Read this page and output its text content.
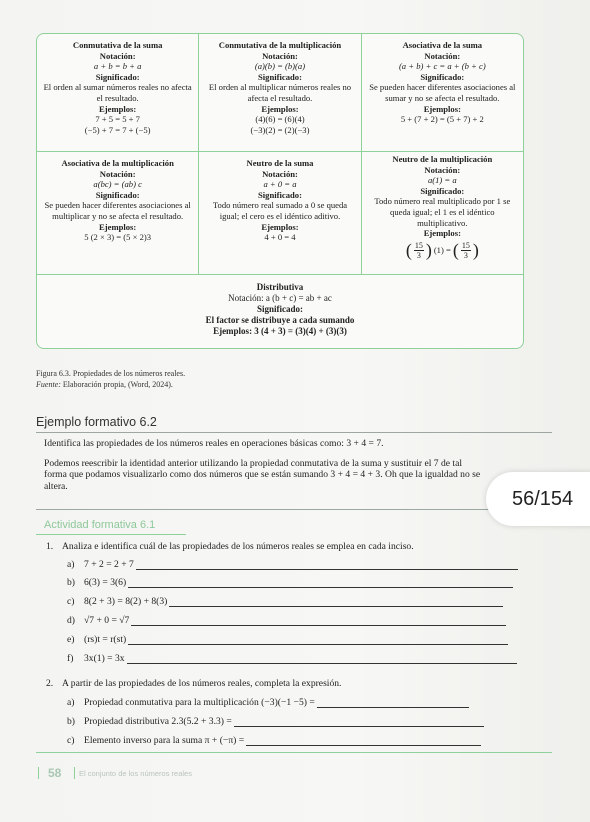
Conmutativa de la suma
Notación:
a + b = b + a
Significado:
El orden al sumar números reales no afecta el resultado.
Ejemplos:
7 + 5 = 5 + 7
(−5) + 7 = 7 + (−5)
Conmutativa de la multiplicación
Notación:
(a)(b) = (b)(a)
Significado:
El orden al multiplicar números reales no afecta el resultado.
Ejemplos:
(4)(6) = (6)(4)
(−3)(2) = (2)(−3)
Asociativa de la suma
Notación:
(a + b) + c = a + (b + c)
Significado:
Se pueden hacer diferentes asociaciones al sumar y no se afecta el resultado.
Ejemplos:
5 + (7 + 2) = (5 + 7) + 2
Asociativa de la multiplicación
Notación:
a(bc) = (ab) c
Significado:
Se pueden hacer diferentes asociaciones al multiplicar y no se afecta el resultado.
Ejemplos:
5 (2 × 3) = (5 × 2)3
Neutro de la suma
Notación:
a + 0 = a
Significado:
Todo número real sumado a 0 se queda igual; el cero es el idéntico aditivo.
Ejemplos:
4 + 0 = 4
Neutro de la multiplicación
Notación:
a(1) = a
Significado:
Todo número real multiplicado por 1 se queda igual; el 1 es el idéntico multiplicativo.
Ejemplos:
( $\frac{15}{3}$ ) (1) = ( $\frac{15}{3}$ )
Distributiva
Notación: a (b + c) = ab + ac
Significado:
El factor se distribuye a cada sumando
Ejemplos: 3 (4 + 3) = (3)(4) + (3)(3)
Figura 6.3. Propiedades de los números reales.
Fuente: Elaboración propia, (Word, 2024).
Ejemplo formativo 6.2

Identifica las propiedades de los números reales en operaciones básicas como: 3 + 4 = 7.

Podemos reescribir la identidad anterior utilizando la propiedad conmutativa de la suma y sustituir el 7 de tal forma que podamos visualizarlo como dos números que se están sumando 3 + 4 = 4 + 3. Oh que la igualdad no se altera.

56/154
Actividad formativa 6.1
1. Analiza e identifica cuál de las propiedades de los números reales se emplea en cada inciso.
a) 7 + 2 = 2 + 7
b) 6(3) = 3(6)
c) 8(2 + 3) = 8(2) + 8(3)
d) √7 + 0 = √7
e) (rs)t = r(st)
f)	3x(1) = 3x
2. A partir de las propiedades de los números reales, completa la expresión.
a) Propiedad conmutativa para la multiplicación (−3)(−1 −5) =
b) Propiedad distributiva 2.3(5.2 + 3.3) =
c) Elemento inverso para la suma π + (−π) =
58 El conjunto de los números reales
